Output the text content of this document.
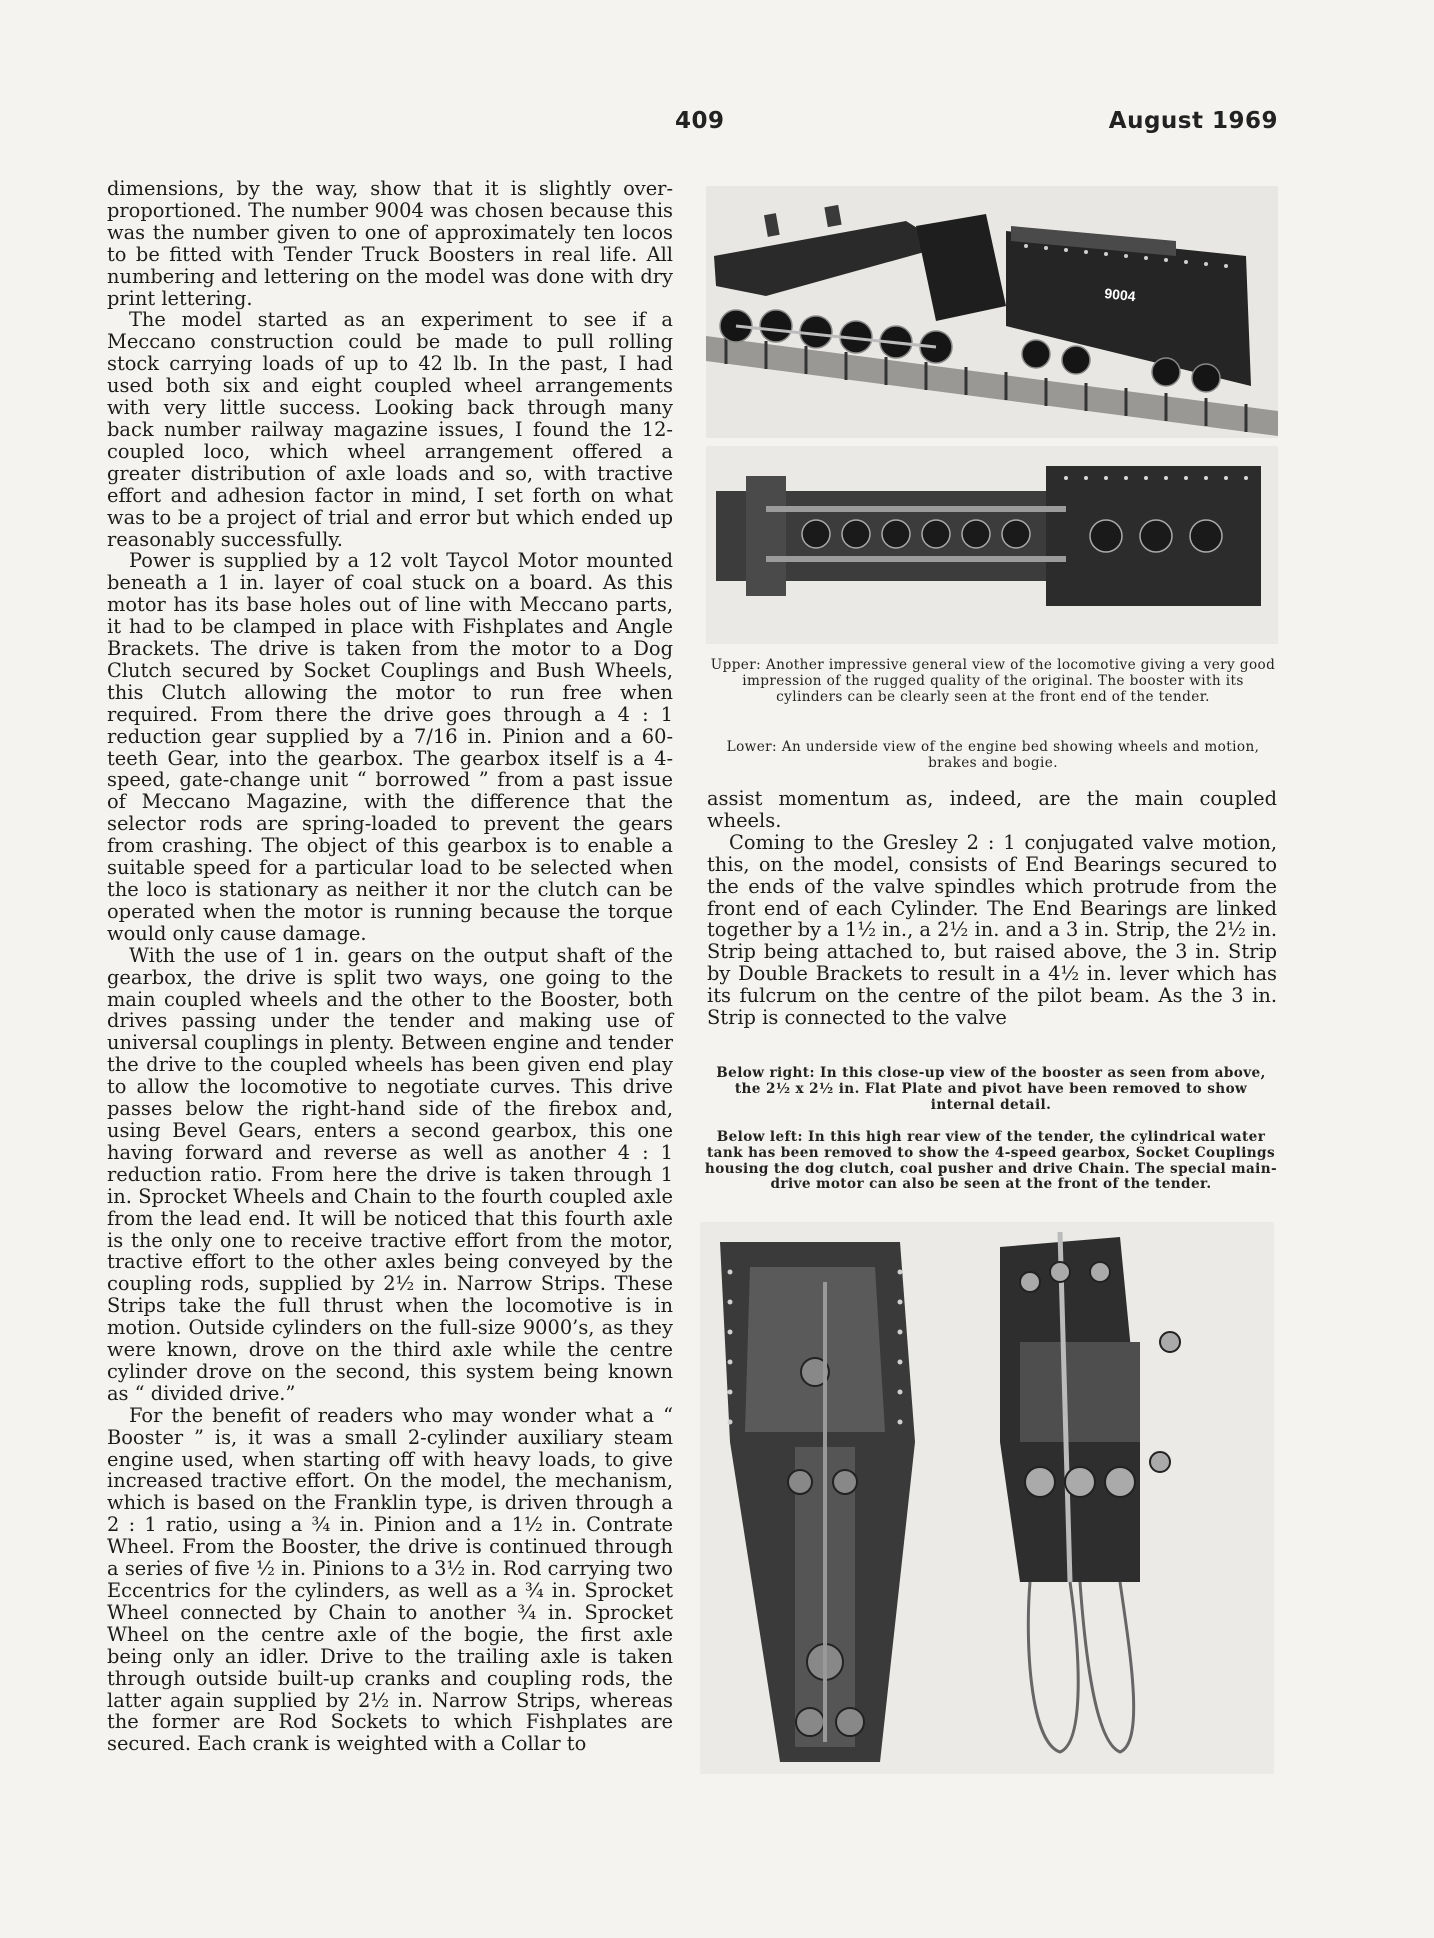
409	August 1969

dimensions, by the way, show that it is slightly over-proportioned. The number 9004 was chosen because this was the number given to one of approximately ten locos to be fitted with Tender Truck Boosters in real life. All numbering and lettering on the model was done with dry print lettering.

The model started as an experiment to see if a Meccano construction could be made to pull rolling stock carrying loads of up to 42 lb. In the past, I had used both six and eight coupled wheel arrangements with very little success. Looking back through many back number railway magazine issues, I found the 12-coupled loco, which wheel arrangement offered a greater distribution of axle loads and so, with tractive effort and adhesion factor in mind, I set forth on what was to be a project of trial and error but which ended up reasonably successfully.

Power is supplied by a 12 volt Taycol Motor mounted beneath a 1 in. layer of coal stuck on a board. As this motor has its base holes out of line with Meccano parts, it had to be clamped in place with Fishplates and Angle Brackets. The drive is taken from the motor to a Dog Clutch secured by Socket Couplings and Bush Wheels, this Clutch allowing the motor to run free when required. From there the drive goes through a 4 : 1 reduction gear supplied by a 7/16 in. Pinion and a 60-teeth Gear, into the gearbox. The gearbox itself is a 4-speed, gate-change unit “ borrowed ” from a past issue of Meccano Magazine, with the difference that the selector rods are spring-loaded to prevent the gears from crashing. The object of this gearbox is to enable a suitable speed for a particular load to be selected when the loco is stationary as neither it nor the clutch can be operated when the motor is running because the torque would only cause damage.

With the use of 1 in. gears on the output shaft of the gearbox, the drive is split two ways, one going to the main coupled wheels and the other to the Booster, both drives passing under the tender and making use of universal couplings in plenty. Between engine and tender the drive to the coupled wheels has been given end play to allow the locomotive to negotiate curves. This drive passes below the right-hand side of the firebox and, using Bevel Gears, enters a second gearbox, this one having forward and reverse as well as another 4 : 1 reduction ratio. From here the drive is taken through 1 in. Sprocket Wheels and Chain to the fourth coupled axle from the lead end. It will be noticed that this fourth axle is the only one to receive tractive effort from the motor, tractive effort to the other axles being conveyed by the coupling rods, supplied by 2½ in. Narrow Strips. These Strips take the full thrust when the locomotive is in motion. Outside cylinders on the full-size 9000’s, as they were known, drove on the third axle while the centre cylinder drove on the second, this system being known as “ divided drive.”

For the benefit of readers who may wonder what a “ Booster ” is, it was a small 2-cylinder auxiliary steam engine used, when starting off with heavy loads, to give increased tractive effort. On the model, the mechanism, which is based on the Franklin type, is driven through a 2 : 1 ratio, using a ¾ in. Pinion and a 1½ in. Contrate Wheel. From the Booster, the drive is continued through a series of five ½ in. Pinions to a 3½ in. Rod carrying two Eccentrics for the cylinders, as well as a ¾ in. Sprocket Wheel connected by Chain to another ¾ in. Sprocket Wheel on the centre axle of the bogie, the first axle being only an idler. Drive to the trailing axle is taken through outside built-up cranks and coupling rods, the latter again supplied by 2½ in. Narrow Strips, whereas the former are Rod Sockets to which Fishplates are secured. Each crank is weighted with a Collar to

9004
Upper: Another impressive general view of the locomotive giving a very good impression of the rugged quality of the original. The booster with its cylinders can be clearly seen at the front end of the tender.
Lower: An underside view of the engine bed showing wheels and motion, brakes and bogie.

assist momentum as, indeed, are the main coupled wheels.

Coming to the Gresley 2 : 1 conjugated valve motion, this, on the model, consists of End Bearings secured to the ends of the valve spindles which protrude from the front end of each Cylinder. The End Bearings are linked together by a 1½ in., a 2½ in. and a 3 in. Strip, the 2½ in. Strip being attached to, but raised above, the 3 in. Strip by Double Brackets to result in a 4½ in. lever which has its fulcrum on the centre of the pilot beam. As the 3 in. Strip is connected to the valve

Below right: In this close-up view of the booster as seen from above, the 2½ x 2½ in. Flat Plate and pivot have been removed to show internal detail.
Below left: In this high rear view of the tender, the cylindrical water tank has been removed to show the 4-speed gearbox, Socket Couplings housing the dog clutch, coal pusher and drive Chain. The special main-drive motor can also be seen at the front of the tender.
